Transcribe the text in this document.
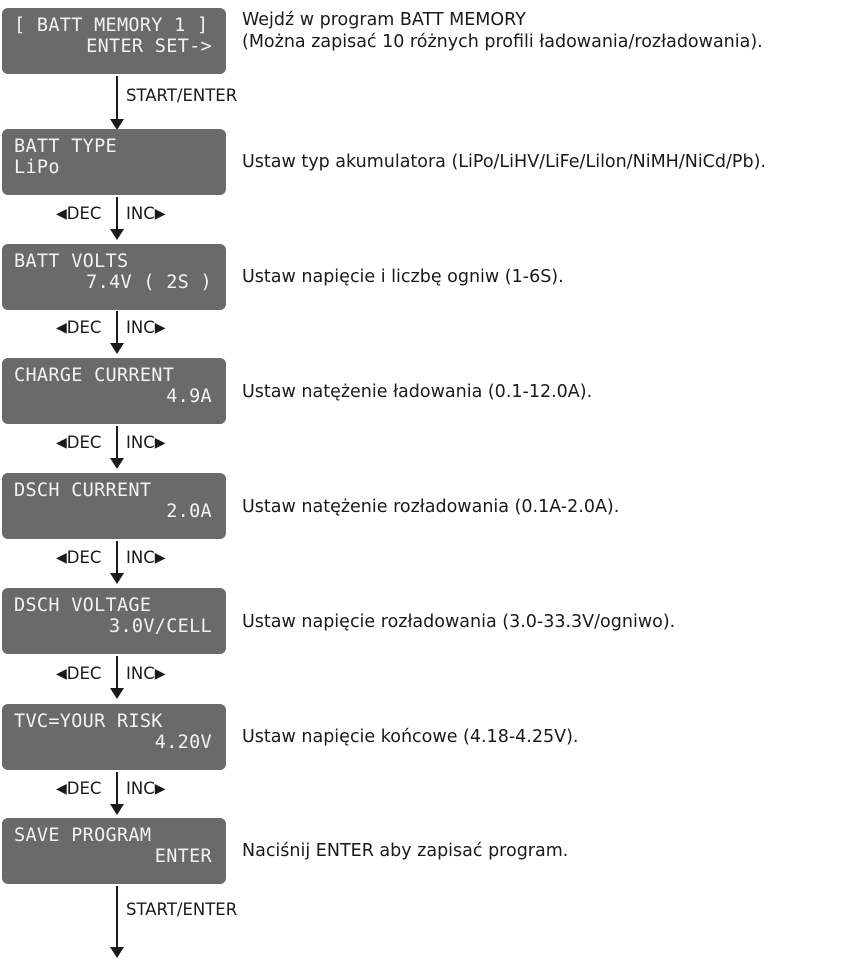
[ BATT MEMORY 1 ]
ENTER SET->
BATT TYPE
LiPo
BATT VOLTS
7.4V ( 2S )
CHARGE CURRENT
4.9A
DSCH CURRENT
2.0A
DSCH VOLTAGE
3.0V/CELL
TVC=YOUR RISK
4.20V
SAVE PROGRAM
ENTER
Wejdź w program BATT MEMORY
(Można zapisać 10 różnych profili ładowania/rozładowania).
Ustaw typ akumulatora (LiPo/LiHV/LiFe/Lilon/NiMH/NiCd/Pb).
Ustaw napięcie i liczbę ogniw (1-6S).
Ustaw natężenie ładowania (0.1-12.0A).
Ustaw natężenie rozładowania (0.1A-2.0A).
Ustaw napięcie rozładowania (3.0-33.3V/ogniwo).
Ustaw napięcie końcowe (4.18-4.25V).
Naciśnij ENTER aby zapisać program.
START/ENTER
◀DEC INC▶
◀DEC INC▶
◀DEC INC▶
◀DEC INC▶
◀DEC INC▶
◀DEC INC▶
START/ENTER
